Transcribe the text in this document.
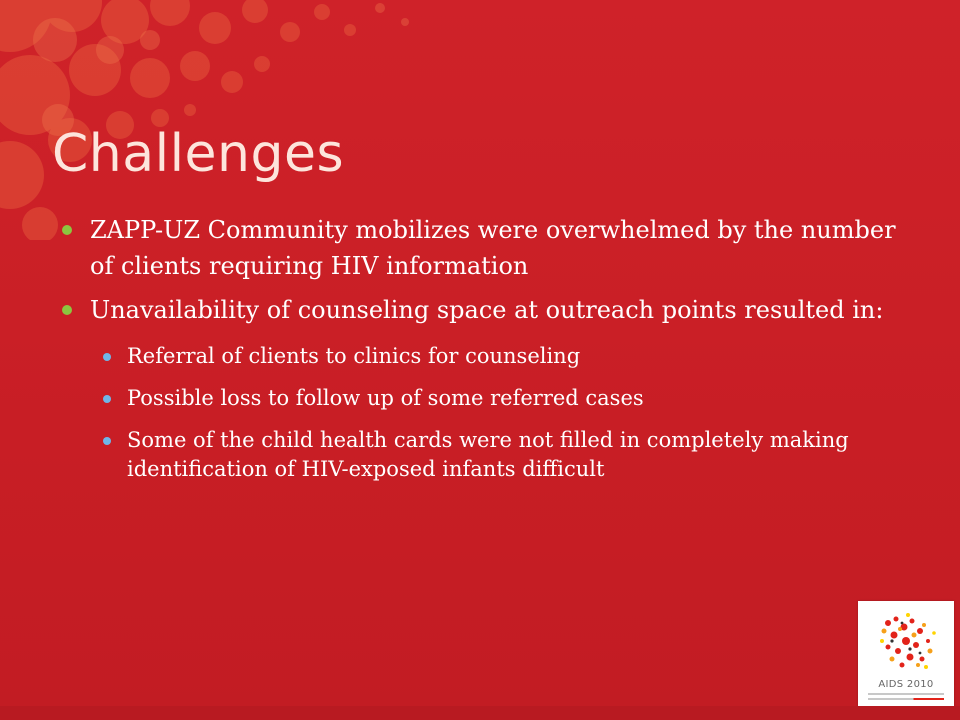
Challenges
ZAPP-UZ Community mobilizes were overwhelmed by the number of clients requiring HIV information
Unavailability of counseling space at outreach points resulted in:
Referral of clients to clinics for counseling
Possible loss to follow up of some referred cases
Some of the child health cards were not filled in completely making identification of HIV-exposed infants difficult
AIDS 2010
